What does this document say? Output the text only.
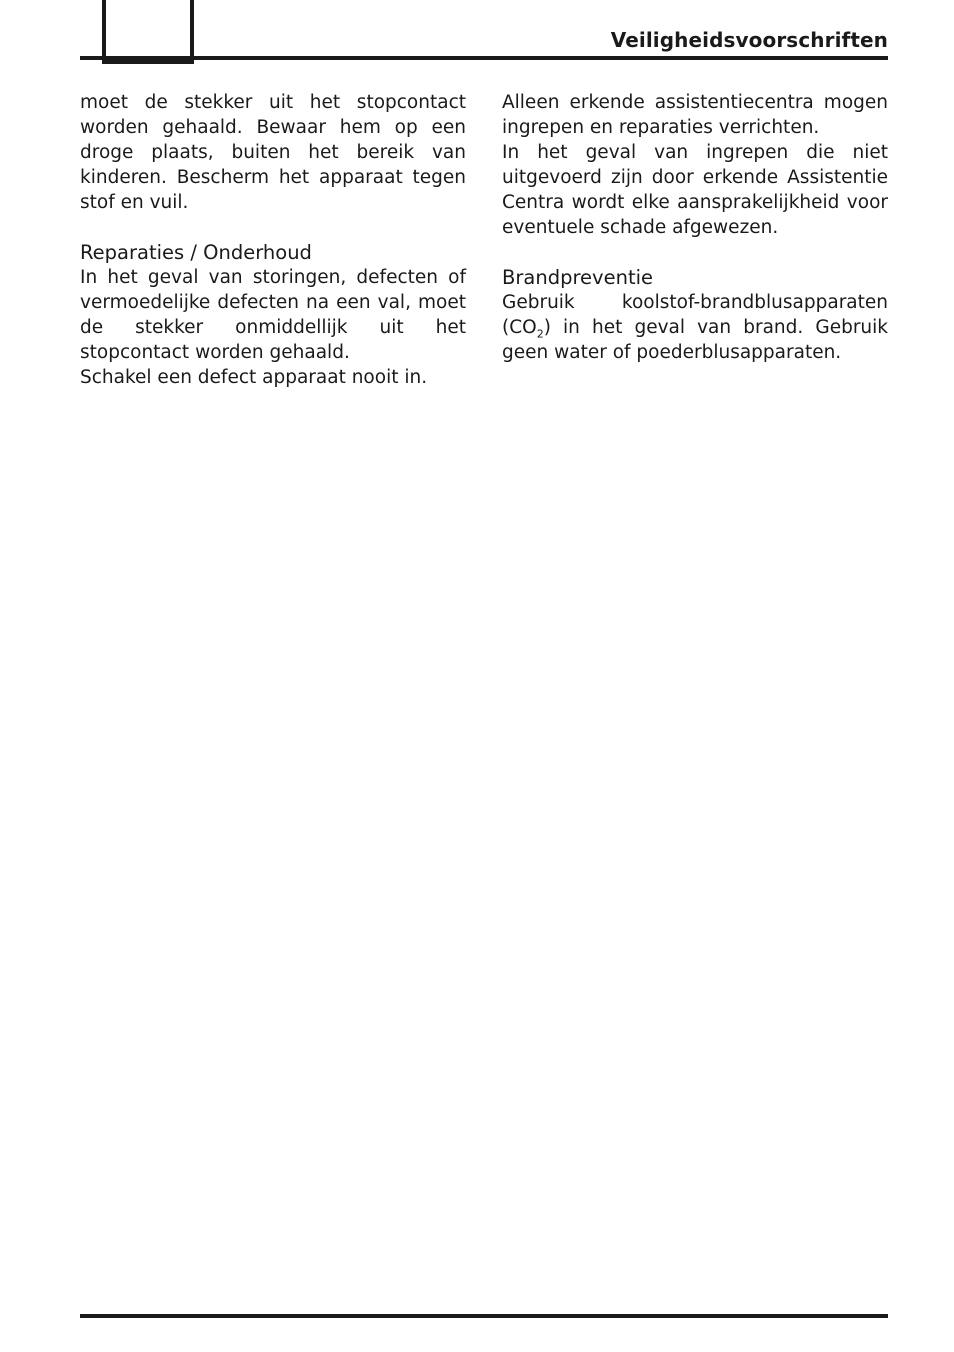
Veiligheidsvoorschriften

moet de stekker uit het stopcontact worden gehaald. Bewaar hem op een droge plaats, buiten het bereik van kinderen. Bescherm het apparaat tegen stof en vuil.

Reparaties / Onderhoud

In het geval van storingen, defecten of vermoedelijke defecten na een val, moet de stekker onmiddellijk uit het stopcontact worden gehaald.

Schakel een defect apparaat nooit in.

Alleen erkende assistentiecentra mogen ingrepen en reparaties verrichten.

In het geval van ingrepen die niet uitgevoerd zijn door erkende Assistentie Centra wordt elke aansprakelijkheid voor eventuele schade afgewezen.

Brandpreventie

Gebruik koolstof-brandblusapparaten $(CO_2)$ in het geval van brand. Gebruik geen water of poederblusapparaten.
